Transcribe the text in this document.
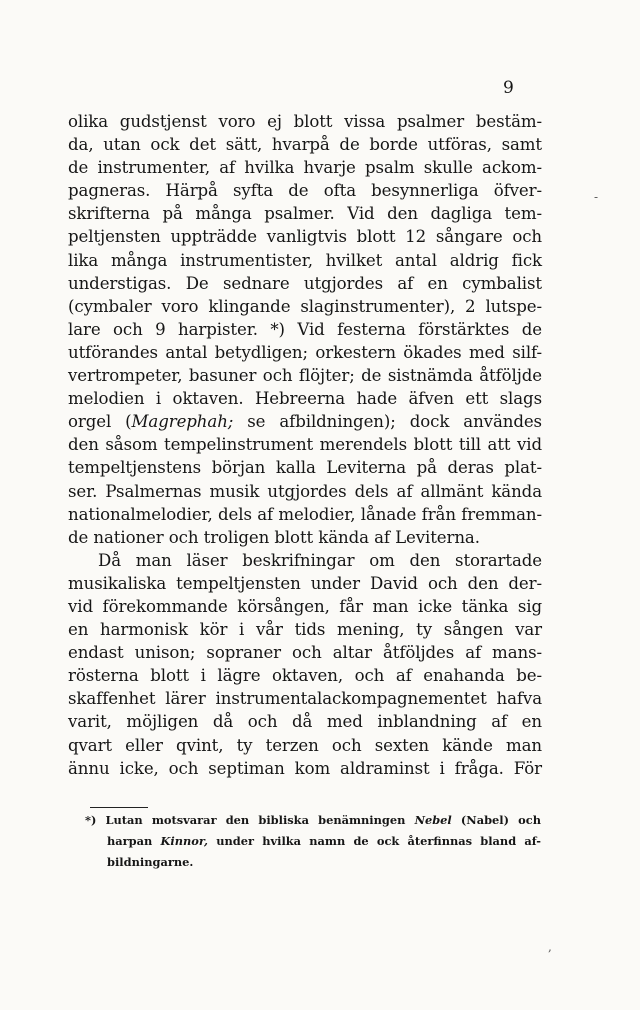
9
olika gudstjenst voro ej blott vissa psalmer bestäm-
da, utan ock det sätt, hvarpå de borde utföras, samt
de instrumenter, af hvilka hvarje psalm skulle ackom-
pagneras. Härpå syfta de ofta besynnerliga öfver-
skrifterna på många psalmer. Vid den dagliga tem-
peltjensten uppträdde vanligtvis blott 12 sångare och
lika många instrumentister, hvilket antal aldrig fick
understigas. De sednare utgjordes af en cymbalist
(cymbaler voro klingande slaginstrumenter), 2 lutspe-
lare och 9 harpister. *) Vid festerna förstärktes de
utförandes antal betydligen; orkestern ökades med silf-
vertrompeter, basuner och flöjter; de sistnämda åtföljde
melodien i oktaven. Hebreerna hade äfven ett slags
orgel (Magrephah; se afbildningen); dock användes
den såsom tempelinstrument merendels blott till att vid
tempeltjenstens början kalla Leviterna på deras plat-
ser. Psalmernas musik utgjordes dels af allmänt kända
nationalmelodier, dels af melodier, lånade från fremman-
de nationer och troligen blott kända af Leviterna.
Då man läser beskrifningar om den storartade
musikaliska tempeltjensten under David och den der-
vid förekommande körsången, får man icke tänka sig
en harmonisk kör i vår tids mening, ty sången var
endast unison; sopraner och altar åtföljdes af mans-
rösterna blott i lägre oktaven, och af enahanda be-
skaffenhet lärer instrumentalackompagnementet hafva
varit, möjligen då och då med inblandning af en
qvart eller qvint, ty terzen och sexten kände man
ännu icke, och septiman kom aldraminst i fråga. För
*) Lutan motsvarar den bibliska benämningen Nebel (Nabel) och
harpan Kinnor, under hvilka namn de ock återfinnas bland af-
bildningarne.
-
,
